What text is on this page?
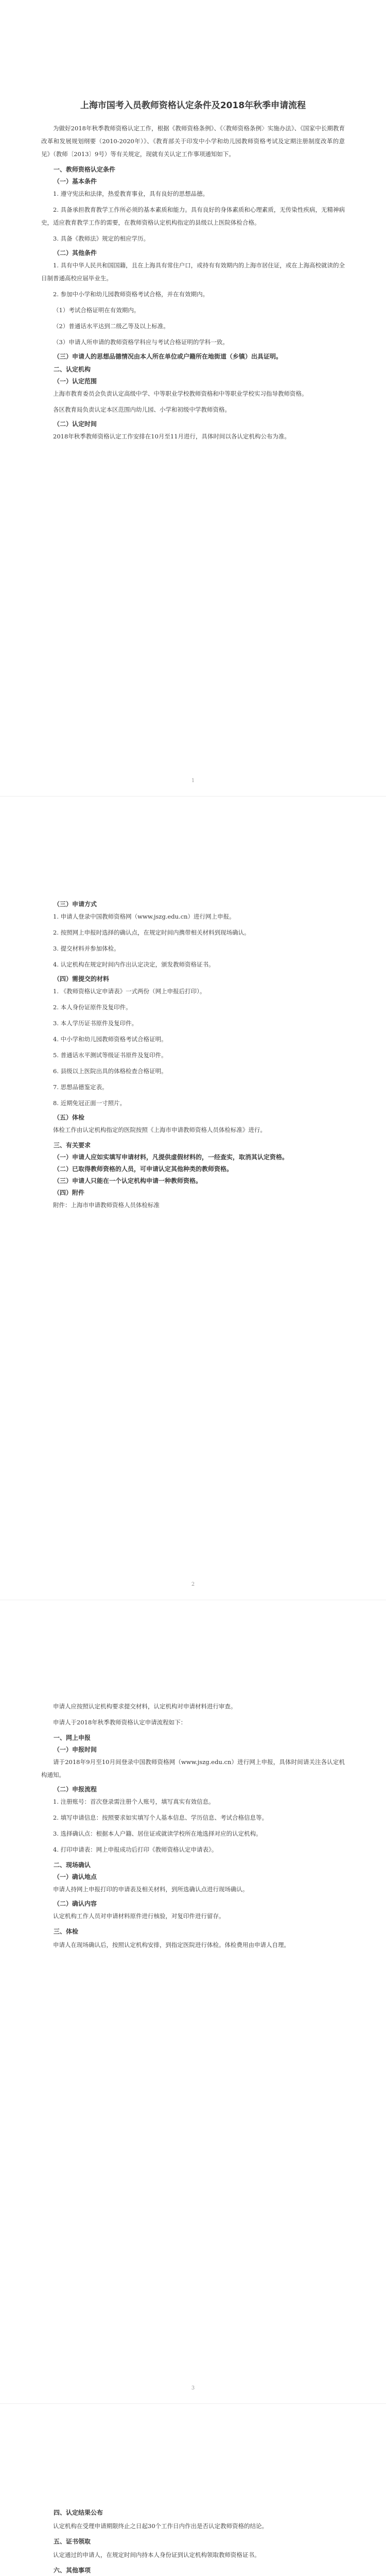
上海市国考入员教师资格认定条件及2018年秋季申请流程

为做好2018年秋季教师资格认定工作，根据《教师资格条例》、《〈教师资格条例〉实施办法》、《国家中长期教育改革和发展规划纲要（2010-2020年）》、《教育部关于印发中小学和幼儿园教师资格考试及定期注册制度改革的意见》（教师〔2013〕9号）等有关规定，现就有关认定工作事项通知如下。

一、教师资格认定条件
（一）基本条件

1. 遵守宪法和法律，热爱教育事业，具有良好的思想品德。

2. 具备承担教育教学工作所必须的基本素质和能力。具有良好的身体素质和心理素质，无传染性疾病，无精神病史，适应教育教学工作的需要，在教师资格认定机构指定的县级以上医院体检合格。

3. 具备《教师法》规定的相应学历。

（二）其他条件

1. 具有中华人民共和国国籍，且在上海具有常住户口，或持有有效期内的上海市居住证，或在上海高校就读的全日制普通高校应届毕业生。

2. 参加中小学和幼儿园教师资格考试合格，并在有效期内。

（1）考试合格证明在有效期内。

（2）普通话水平达到二级乙等及以上标准。

（3）申请人所申请的教师资格学科应与考试合格证明的学科一致。

（三）申请人的思想品德情况由本人所在单位或户籍所在地街道（乡镇）出具证明。
二、认定机构
（一）认定范围

上海市教育委员会负责认定高级中学、中等职业学校教师资格和中等职业学校实习指导教师资格。

各区教育局负责认定本区范围内幼儿园、小学和初级中学教师资格。

（二）认定时间

2018年秋季教师资格认定工作安排在10月至11月进行，具体时间以各认定机构公布为准。

1
（三）申请方式

1. 申请人登录中国教师资格网（www.jszg.edu.cn）进行网上申报。

2. 按照网上申报时选择的确认点，在规定时间内携带相关材料到现场确认。

3. 提交材料并参加体检。

4. 认定机构在规定时间内作出认定决定，颁发教师资格证书。

（四）需提交的材料

1. 《教师资格认定申请表》一式两份（网上申报后打印）。

2. 本人身份证原件及复印件。

3. 本人学历证书原件及复印件。

4. 中小学和幼儿园教师资格考试合格证明。

5. 普通话水平测试等级证书原件及复印件。

6. 县级以上医院出具的体格检查合格证明。

7. 思想品德鉴定表。

8. 近期免冠正面一寸照片。

（五）体检

体检工作由认定机构指定的医院按照《上海市申请教师资格人员体检标准》进行。

三、有关要求
（一）申请人应如实填写申请材料，凡提供虚假材料的，一经查实，取消其认定资格。
（二）已取得教师资格的人员，可申请认定其他种类的教师资格。
（三）申请人只能在一个认定机构申请一种教师资格。
（四）附件

附件：上海市申请教师资格人员体检标准

2

申请人应按照认定机构要求提交材料，认定机构对申请材料进行审查。

申请人于2018年秋季教师资格认定申请流程如下：

一、网上申报
（一）申报时间

请于2018年9月至10月间登录中国教师资格网（www.jszg.edu.cn）进行网上申报，具体时间请关注各认定机构通知。

（二）申报流程

1. 注册账号：首次登录需注册个人账号，填写真实有效信息。

2. 填写申请信息：按照要求如实填写个人基本信息、学历信息、考试合格信息等。

3. 选择确认点：根据本人户籍、居住证或就读学校所在地选择对应的认定机构。

4. 打印申请表：网上申报成功后打印《教师资格认定申请表》。

二、现场确认
（一）确认地点

申请人持网上申报打印的申请表及相关材料，到所选确认点进行现场确认。

（二）确认内容

认定机构工作人员对申请材料原件进行核验，对复印件进行留存。

三、体检

申请人在现场确认后，按照认定机构安排，到指定医院进行体检。体检费用由申请人自理。

3
四、认定结果公布

认定机构在受理申请期限终止之日起30个工作日内作出是否认定教师资格的结论。

五、证书领取

认定通过的申请人，在规定时间内持本人身份证到认定机构领取教师资格证书。

六、其他事项
